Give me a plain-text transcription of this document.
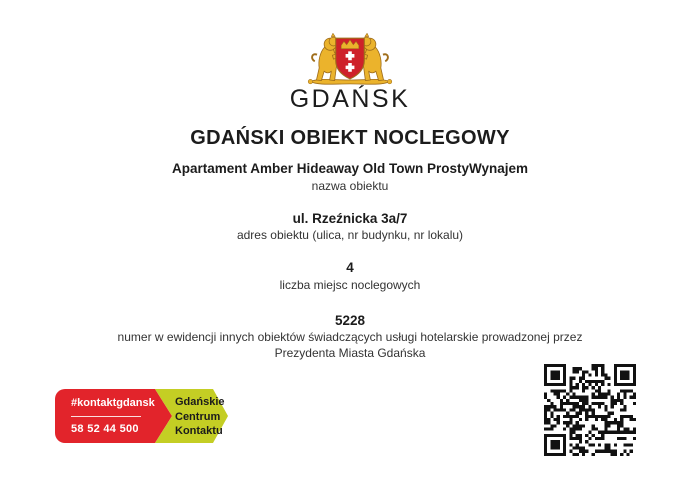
GDAŃSK
GDAŃSKI OBIEKT NOCLEGOWY
Apartament Amber Hideaway Old Town ProstyWynajem
nazwa obiektu
ul. Rzeźnicka 3a/7
adres obiektu (ulica, nr budynku, nr lokalu)
4
liczba miejsc noclegowych
5228
numer w ewidencji innych obiektów świadczących usługi hotelarskie prowadzonej przez Prezydenta Miasta Gdańska
#kontaktgdansk
58 52 44 500
Gdańskie
Centrum
Kontaktu
